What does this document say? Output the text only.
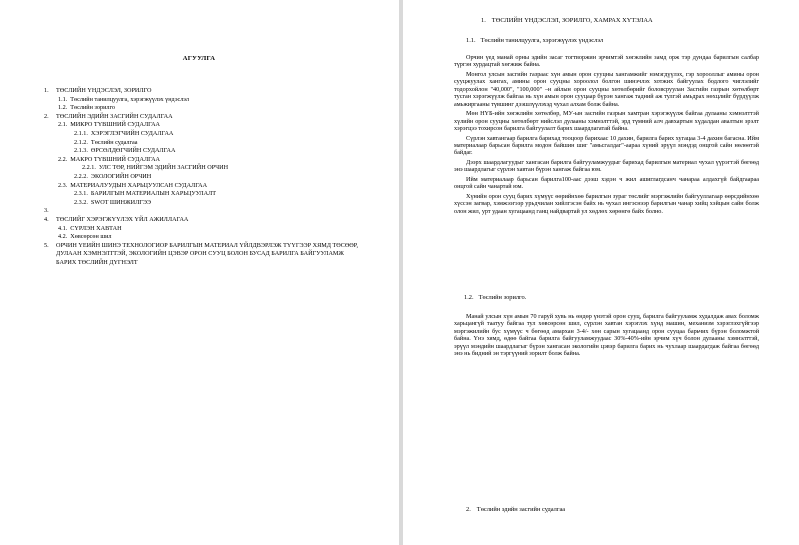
АГУУЛГА
1. ТӨСЛИЙН ҮНДЭСЛЭЛ, ЗОРИЛГО
1.1. Төслийн танилцуулга, хэрэгжүүлэх үндэслэл
1.2. Төслийн зорилго
2. ТӨСЛИЙН ЭДИЙН ЗАСГИЙН СУДАЛГАА
2.1. МИКРО ТҮВШНИЙ СУДАЛГАА
2.1.1. ХЭРЭГЛЭГЧИЙН СУДАЛГАА
2.1.2. Төслийн судалгаа
2.1.3. ӨРСӨЛДӨГЧИЙН СУДАЛГАА
2.2. МАКРО ТҮВШНИЙ СУДАЛГАА
2.2.1. УЛС ТӨР, НИЙГЭМ ЭДИЙН ЗАСГИЙН ОРЧИН
2.2.2. ЭКОЛОГИЙН ОРЧИН
2.3. МАТЕРИАЛУУДЫН ХАРЬЦУУЛСАН СУДАЛГАА
2.3.1. БАРИЛГЫН МАТЕРИАЛЫН ХАРЬЦУУЛАЛТ
2.3.2. SWOT ШИНЖИЛГЭЭ
3.
4. ТӨСЛИЙГ ХЭРЭГЖҮҮЛЭХ ҮЙЛ АЖИЛЛАГАА
4.1. СҮРЛЭН ХАВТАН
4.2. Хөвсөрсөн шил
5. ОРЧИН ҮЕИЙН ШИНЭ ТЕХНОЛОГИОР БАРИЛГЫН МАТЕРИАЛ ҮЙЛДВЭРЛЭЖ ТҮҮГЭЭР ХЯМД ТӨСӨӨР, ДУЛААН ХЭМНЭЛТТЭЙ, ЭКОЛОГИЙН ЦЭВЭР ОРОН СУУЦ БОЛОН БУСАД БАРИЛГА БАЙГУУЛАМЖ БАРИХ ТӨСЛИЙН ДҮГНЭЛТ
1. ТӨСЛИЙН ҮНДЭСЛЭЛ, ЗОРИЛГО, ХАМРАХ ХҮТЭЛАА
1.1. Төслийн танилцуулга, хэрэгжүүлэх үндэслэл

Орчин үед манай орны эдийн засаг тогтворжин эрчимтэй хөгжлийн замд орж тэр дундаа барилгын салбар түргэн хурдацтай хөгжиж байна.

Монгол улсын засгийн газраас хүн амын орон сууцны хангамжийг нэмэгдүүлэх, гэр хорооллыг амины орон сууцжуулах хангах, амины орон сууцны хороолол болгон шинэчлэх хотжих байгуулах бодлого чиглэлийг тодорхойлон "40,000", "100,000" –н айлын орон сууцны хөтөлбөрийг боловсруулан Засгийн газрын хөтөлбөрт тусган хэрэгжүүлж байгаа нь хүн амын орон сууцаар бүрэн хангаж тадний аж тулгэй амьдрах нөхцлийг бүрдүүлж амьжиргааны түвшинг дээшлүүлэхэд чухал алхам болж байна.

Мөн НҮБ-ийн хөгжлийн хөтөлбөр, МУ-ын засгийн газрын хамтран хэрэгжүүлж байгаа дулааны хэмнэлттэй хүлийн орон сууцны хөтөлбөрт нийслэл дулааны хэмнэлттэй, эрд түмний алч давхартын хүдалдан авалтын эрэлт хэрэгцээ тохирсон барилга байгуулалт барих шаардлагатай байна.

Сүрлэн хавтангаар барилга барихад тооцоор барихаас 10 дахин, барилга барих хугацаа 3-4 дахин багасна. Ийм материалаар барьсан барилга модон байшин шиг "амьсгалдаг"-аараа хүний эрүүл мэндэд онцгой сайн нөлөөтэй байдаг.

Дээрх шаардлагуудыг хангасан барилга байгууламжуудыг барихад барилгын материал чухал үүрэгтэй бөгөөд энэ шаардлагыг сүрлэн хавтан бүрэн хангаж байгаа юм.

Ийм материалаар барьсан барилга100-аас дээш хэдэн ч жил ашиглагдсанч чанараа алдахгүй байдгаараа онцгой сайн чанартай юм.

Хүнийн орон сууц барих хүмүүс өөрийнхөө барилгын зураг төслийг мэргэжлийн байгууллагаар өөрсдийнхөө хүссэн загвар, хэмжээгээр урьдчилан хийлгэсэн байх нь чухал ингэснээр барилгын чанар хийц хэйцын сайн болж олон жил, урт удаан хугацаанд ганц найдвартай ул хөдлөх хөрөнгө байх болно.

1.2. Төслийн зорилго.

Манай улсын хүн амын 70 гаруй хувь нь өндөр үнэтэй орон сууц, барилга байгууламж худалдаж авах боломж харьцангүй таатуу байгаа тул хөвсөрсөн шил, сүрлэн хавтан хэрэглэх хүнд машин, механизм хэрэглэхгүйгээр мэргэжилийн бус хүмүүс ч бөгөөд амархан 3-4/- хөн сарын хугацаанд орон сууцаа барьчих бүрэн боломжтой байна. Үнэ хямд, өдөө байгаа барилга байгууламжуудаас 30%-40%-ийн эрчим хүч болон дулааны хэмнэлттэй, эрүүл мэндийн шаардлагыг бүрэн хангасан экологийн цэвэр барилга барих нь чухлаар шаардагдаж байгаа бөгөөд энэ нь бидний эн тэргүүний зорилт болж байна.

2. Төслийн эдийн засгийн судалгаа
